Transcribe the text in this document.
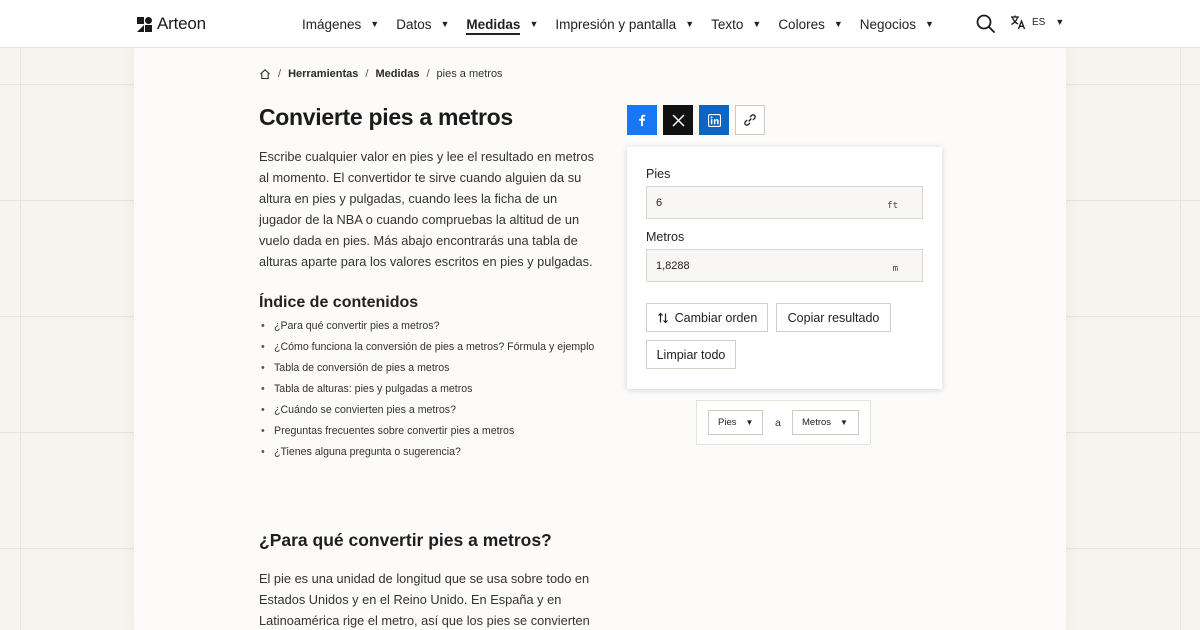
Arteon	Imágenes ▼ Datos ▼ Medidas ▼ Impresión y pantalla ▼ Texto ▼ Colores ▼ Negocios ▼	ES ▼
/ Herramientas / Medidas / pies a metros
Convierte pies a metros

Escribe cualquier valor en pies y lee el resultado en metros al momento. El convertidor te sirve cuando alguien da su altura en pies y pulgadas, cuando lees la ficha de un jugador de la NBA o cuando compruebas la altitud de un vuelo dada en pies. Más abajo encontrarás una tabla de alturas aparte para los valores escritos en pies y pulgadas.

Índice de contenidos
• ¿Para qué convertir pies a metros?
• ¿Cómo funciona la conversión de pies a metros? Fórmula y ejemplo
• Tabla de conversión de pies a metros
• Tabla de alturas: pies y pulgadas a metros
• ¿Cuándo se convierten pies a metros?
• Preguntas frecuentes sobre convertir pies a metros
• ¿Tienes alguna pregunta o sugerencia?
¿Para qué convertir pies a metros?

El pie es una unidad de longitud que se usa sobre todo en Estados Unidos y en el Reino Unido. En España y en Latinoamérica rige el metro, así que los pies se convierten

Pies
6
ft
Metros
1,8288
m
Cambiar orden Copiar resultado
Limpiar todo
Pies ▼ a Metros ▼
